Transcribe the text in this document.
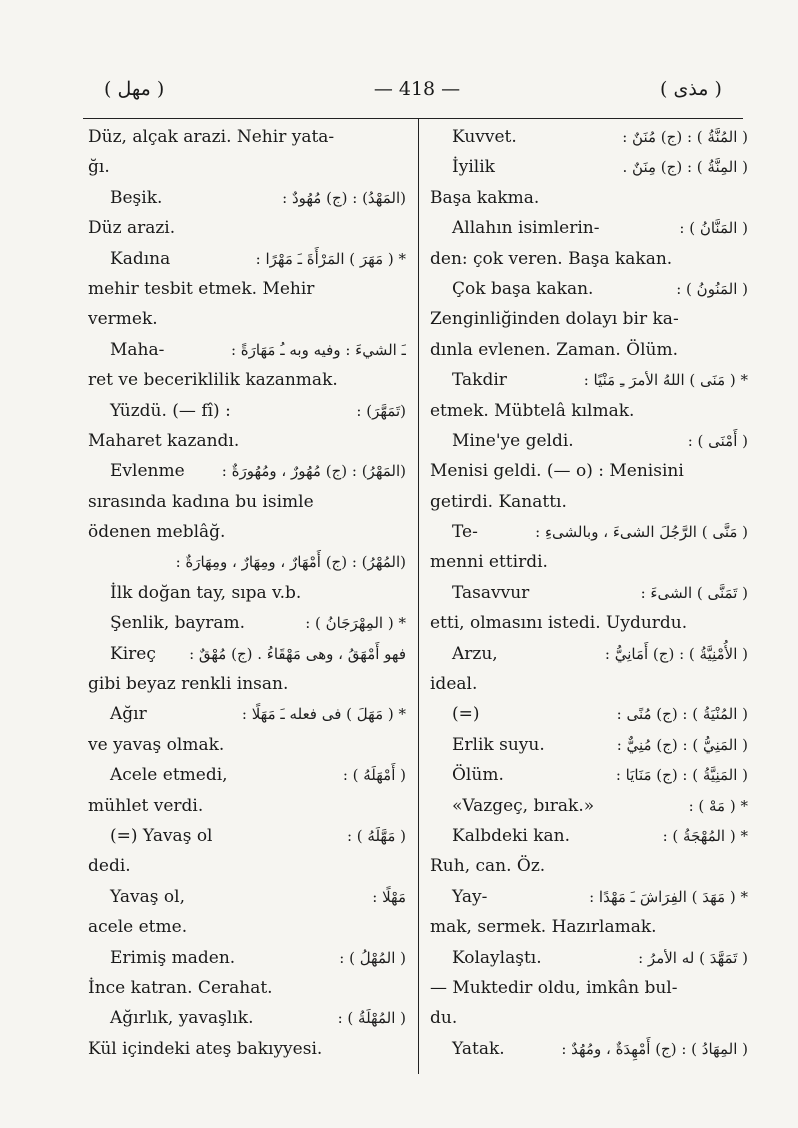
( مهل )	— 418 —	( مذى )
Düz, alçak arazi. Nehir yata-
ğı.
Beşik.	(المَهْدُ) : (ج) مُهُودٌ :
Düz arazi.
Kadına	* ( مَهَرَ ) المَرْأَةَ ـَ مَهْرًا :
mehir tesbit etmek. Mehir
vermek.
Maha-	ـَ الشيءَ : وفيه وبه ـُ مَهَارَةً :
ret ve beceriklilik kazanmak.
Yüzdü. (— fî) :	(تَمَهَّرَ) :
Maharet kazandı.
Evlenme (المَهْرُ) : (ج) مُهُورٌ ، ومُهُورَةٌ :
sırasında kadına bu isimle
ödenen meblâğ.
(المُهْرُ) : (ج) أَمْهَارٌ ، ومِهَارٌ ، ومِهَارَةٌ :
İlk doğan tay, sıpa v.b.
Şenlik, bayram.	* ( المِهْرَجَانُ ) :
Kireç فهو أَمْهَقُ ، وهى مَهْقَاءُ . (ج) مُهْقٌ :
gibi beyaz renkli insan.
Ağır	* ( مَهَلَ ) فى فعله ـَ مَهَلًا :
ve yavaş olmak.
Acele etmedi,	( أَمْهَلَهُ ) :
mühlet verdi.
(=) Yavaş ol	( مَهَّلَهُ ) :
dedi.
Yavaş ol,	مَهْلًا :
acele etme.
Erimiş maden.	( المُهْلُ ) :
İnce katran. Cerahat.
Ağırlık, yavaşlık.	( المُهْلَةُ ) :
Kül içindeki ateş bakıyyesi.
Kuvvet.	( المُنَّةُ ) : (ج) مُنَنٌ :
İyilik	( المِنَّةُ ) : (ج) مِنَنٌ .
Başa kakma.
Allahın isimlerin-	( المَنَّانُ ) :
den: çok veren. Başa kakan.
Çok başa kakan.	( المَنُونُ ) :
Zenginliğinden dolayı bir ka-
dınla evlenen. Zaman. Ölüm.
Takdir	* ( مَنَى ) اللهُ الأمرَ ـِ مَنْيًا :
etmek. Mübtelâ kılmak.
Mine'ye geldi.	( أَمْنَى ) :
Menisi geldi. (— o) : Menisini
getirdi. Kanattı.
Te-	( مَنَّى ) الرَّجُلَ الشىءَ ، وبالشىءِ :
menni ettirdi.
Tasavvur	( تَمَنَّى ) الشىءَ :
etti, olmasını istedi. Uydurdu.
Arzu,	( الأُمْنِيَّةُ ) : (ج) أَمَانِيُّ :
ideal.
(=)	( المُنْيَةُ ) : (ج) مُنًى :
Erlik suyu.	( المَنِيُّ ) : (ج) مُنِيٌّ :
Ölüm.	( المَنِيَّةُ ) : (ج) مَنَايَا :
«Vazgeç, bırak.»	* ( مَهْ ) :
Kalbdeki kan.	* ( المُهْجَةُ ) :
Ruh, can. Öz.
Yay-	* ( مَهَدَ ) الفِرَاشَ ـَ مَهْدًا :
mak, sermek. Hazırlamak.
Kolaylaştı.	( تَمَهَّدَ ) له الأمرُ :
— Muktedir oldu, imkân bul-
du.
Yatak.	( المِهَادُ ) : (ج) أَمْهِدَةٌ ، ومُهُدٌ :
